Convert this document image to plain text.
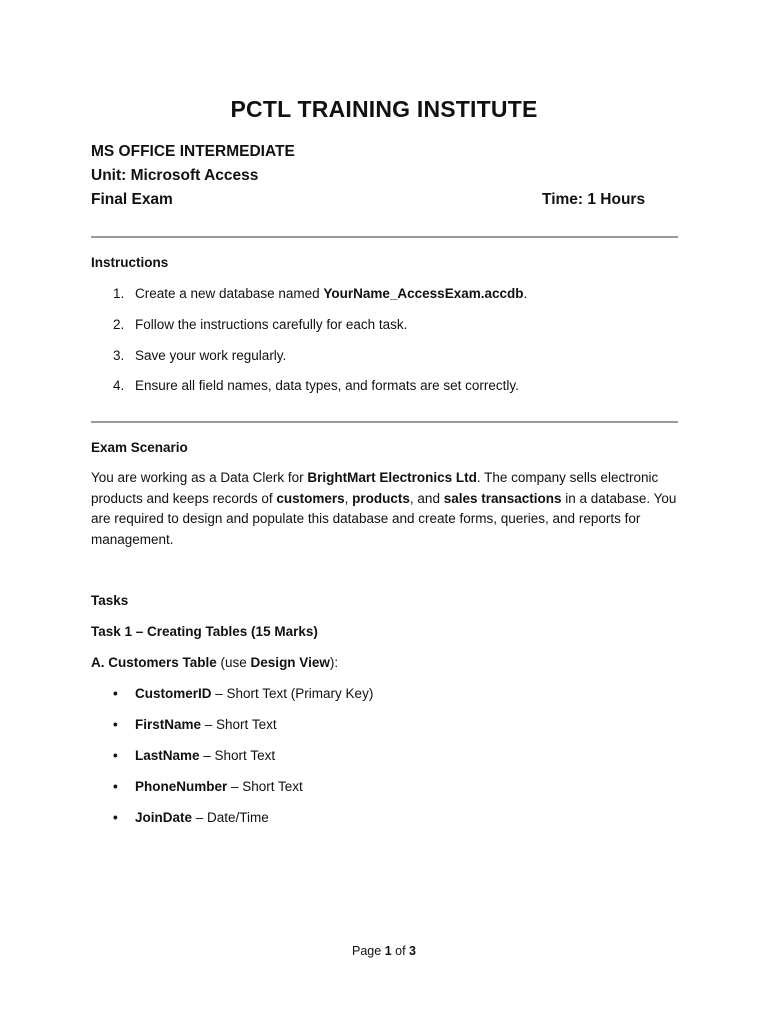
PCTL TRAINING INSTITUTE
MS OFFICE INTERMEDIATE
Unit: Microsoft Access
Final Exam	Time: 1 Hours
Instructions
1. Create a new database named YourName_AccessExam.accdb.
2. Follow the instructions carefully for each task.
3. Save your work regularly.
4. Ensure all field names, data types, and formats are set correctly.
Exam Scenario
You are working as a Data Clerk for BrightMart Electronics Ltd. The company sells electronic products and keeps records of customers, products, and sales transactions in a database. You are required to design and populate this database and create forms, queries, and reports for management.
Tasks
Task 1 – Creating Tables (15 Marks)
A. Customers Table (use Design View):
• CustomerID – Short Text (Primary Key)
• FirstName – Short Text
• LastName – Short Text
• PhoneNumber – Short Text
• JoinDate – Date/Time
Page 1 of 3
